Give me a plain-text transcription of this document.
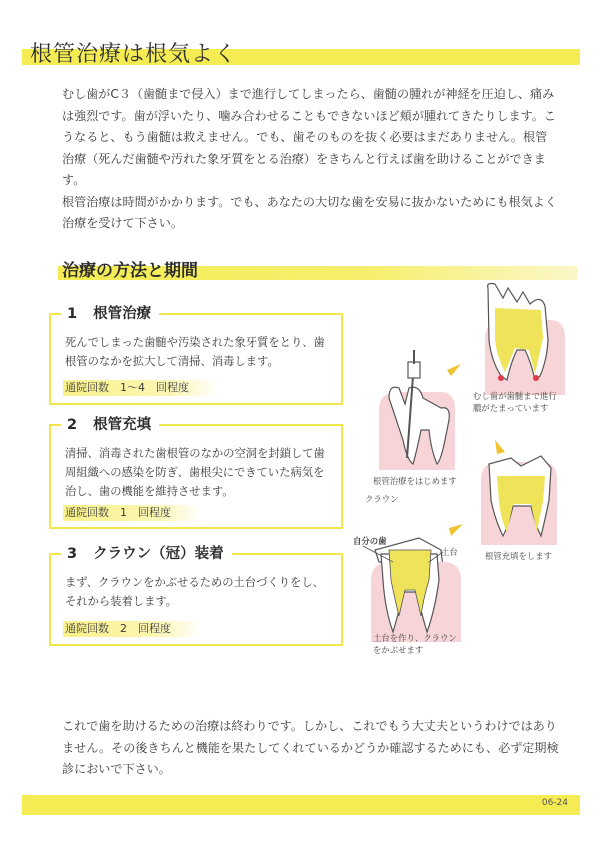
根管治療は根気よく

むし歯がC３（歯髄まで侵入）まで進行してしまったら、歯髄の腫れが神経を圧迫し、痛みは強烈です。歯が浮いたり、噛み合わせることもできないほど頬が腫れてきたりします。こうなると、もう歯髄は救えません。でも、歯そのものを抜く必要はまだありません。根管治療（死んだ歯髄や汚れた象牙質をとる治療）をきちんと行えば歯を助けることができます。

根管治療は時間がかかります。でも、あなたの大切な歯を安易に抜かないためにも根気よく治療を受けて下さい。

治療の方法と期間
1 根管治療
死んでしまった歯髄や汚染された象牙質をとり、歯根管のなかを拡大して清掃、消毒します。
通院回数　1～4　回程度
2 根管充填
清掃、消毒された歯根管のなかの空洞を封鎖して歯周組織への感染を防ぎ、歯根尖にできていた病気を治し、歯の機能を維持させます。
通院回数　1　回程度
3 クラウン（冠）装着
まず、クラウンをかぶせるための土台づくりをし、それから装着します。
通院回数　2　回程度
むし歯が歯髄まで進行
膿がたまっています
根管治療をはじめます
根管充填をします
クラウン
自分の歯
土台
土台を作り、クラウン
をかぶせます
これで歯を助けるための治療は終わりです。しかし、これでもう大丈夫というわけではありません。その後きちんと機能を果たしてくれているかどうか確認するためにも、必ず定期検診においで下さい。
06-24
